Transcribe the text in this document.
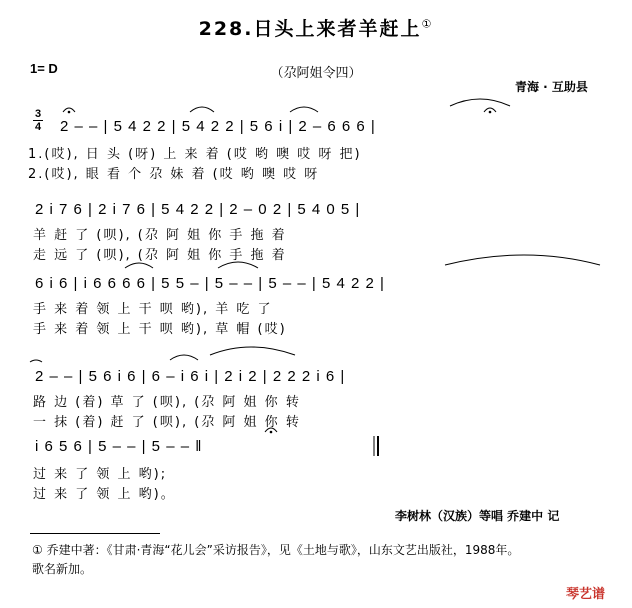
228.日头上来者羊赶上①
1= D	（尕阿姐令四）
青海 · 互助县
3
4 2 – – | 5 4 2 2 | 5 4 2 2 | 5 6 i | 2 – 6 6 6 |
1.(哎), 日 头 (呀) 上 来 着 (哎 哟 噢 哎 呀 把)
2.(哎), 眼 看 个 尕 妹 着 (哎 哟 噢 哎 呀
2 i 7 6 | 2 i 7 6 | 5 4 2 2 | 2 – 0 2 | 5 4 0 5 |
羊 赶 了 (呗), (尕 阿 姐 你 手 拖 着
走 远 了 (呗), (尕 阿 姐 你 手 拖 着
6 i 6 | i 6 6 6 6 | 5 5 – | 5 – – | 5 – – | 5 4 2 2 |
手 来 着 领 上 干 呗 哟), 羊 吃 了
手 来 着 领 上 干 呗 哟), 草 帽 (哎)
2 – – | 5 6 i 6 | 6 – i 6 i | 2 i 2 | 2 2 2 i 6 |
路 边 (着) 草 了 (呗), (尕 阿 姐 你 转
一 抹 (着) 赶 了 (呗), (尕 阿 姐 你 转
i 6 5 6 | 5 – – | 5 – – ‖
过 来 了 领 上 哟);
过 来 了 领 上 哟)。
李树林（汉族）等唱 乔建中 记
① 乔建中著：《甘肃·青海“花儿会”采访报告》，见《土地与歌》，山东文艺出版社，1988年。
歌名新加。
琴艺谱
